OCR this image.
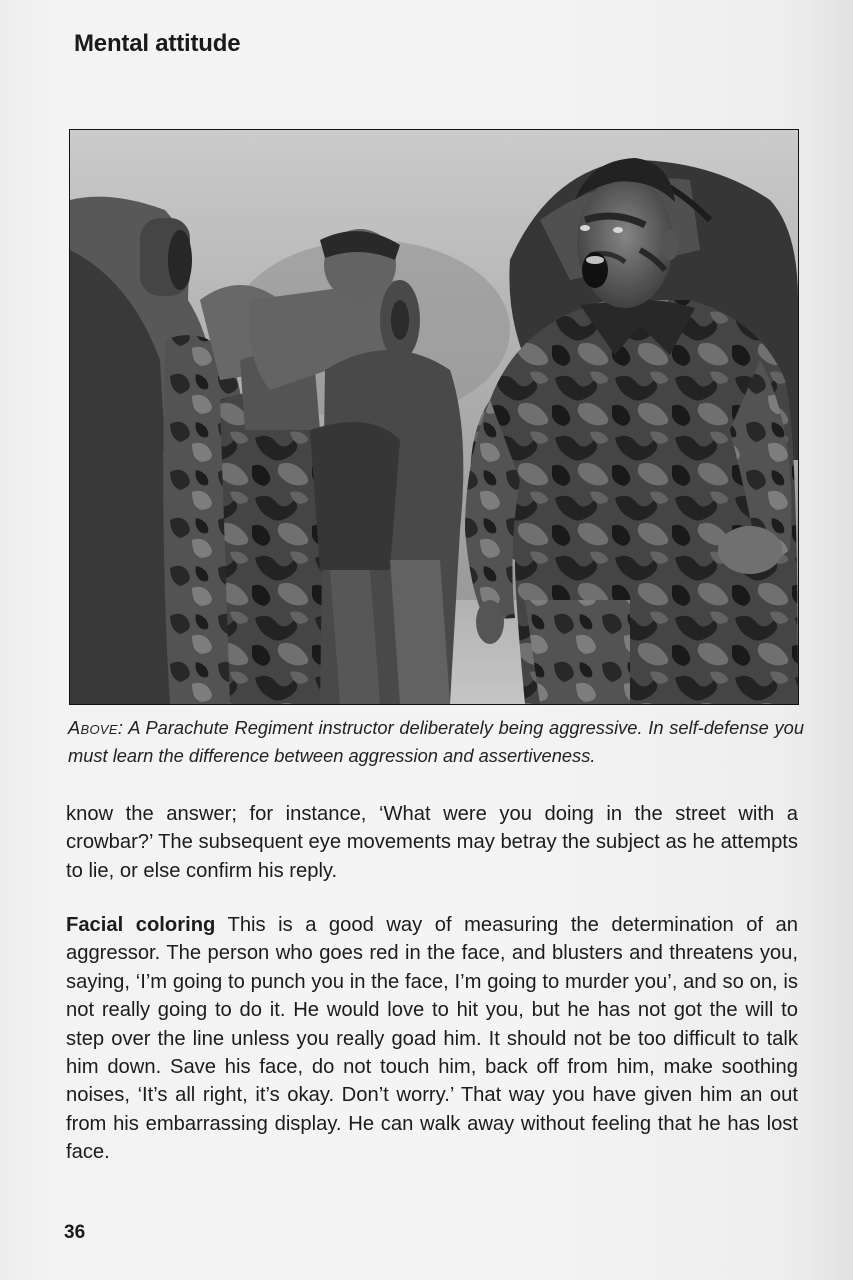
Mental attitude
Above: A Parachute Regiment instructor deliberately being aggressive. In self-defense you must learn the difference between aggression and assertiveness.
know the answer; for instance, ‘What were you doing in the street with a crowbar?’ The subsequent eye movements may betray the subject as he attempts to lie, or else confirm his reply.
Facial coloring This is a good way of measuring the determination of an aggressor. The person who goes red in the face, and blusters and threatens you, saying, ‘I’m going to punch you in the face, I’m going to murder you’, and so on, is not really going to do it. He would love to hit you, but he has not got the will to step over the line unless you really goad him. It should not be too difficult to talk him down. Save his face, do not touch him, back off from him, make soothing noises, ‘It’s all right, it’s okay. Don’t worry.’ That way you have given him an out from his embarrassing display. He can walk away without feeling that he has lost face.
36
